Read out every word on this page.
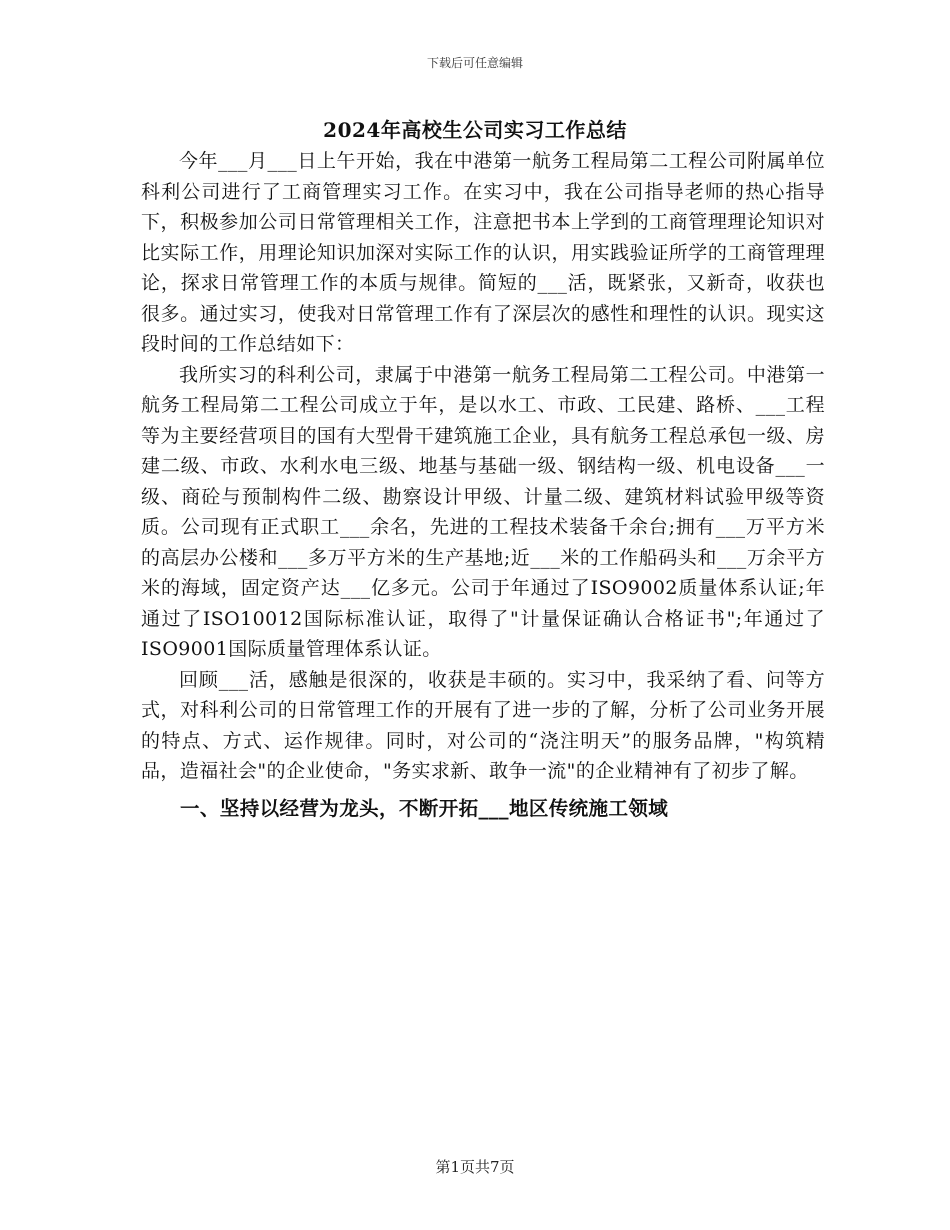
下载后可任意编辑
2024年高校生公司实习工作总结

今年___月___日上午开始，我在中港第一航务工程局第二工程公司附属单位科利公司进行了工商管理实习工作。在实习中，我在公司指导老师的热心指导下，积极参加公司日常管理相关工作，注意把书本上学到的工商管理理论知识对比实际工作，用理论知识加深对实际工作的认识，用实践验证所学的工商管理理论，探求日常管理工作的本质与规律。简短的___活，既紧张，又新奇，收获也很多。通过实习，使我对日常管理工作有了深层次的感性和理性的认识。现实这段时间的工作总结如下：

我所实习的科利公司，隶属于中港第一航务工程局第二工程公司。中港第一航务工程局第二工程公司成立于年，是以水工、市政、工民建、路桥、___工程等为主要经营项目的国有大型骨干建筑施工企业，具有航务工程总承包一级、房建二级、市政、水利水电三级、地基与基础一级、钢结构一级、机电设备___一级、商砼与预制构件二级、勘察设计甲级、计量二级、建筑材料试验甲级等资质。公司现有正式职工___余名，先进的工程技术装备千余台;拥有___万平方米的高层办公楼和___多万平方米的生产基地;近___米的工作船码头和___万余平方米的海域，固定资产达___亿多元。公司于年通过了ISO9002质量体系认证;年通过了ISO10012国际标准认证，取得了"计量保证确认合格证书";年通过了ISO9001国际质量管理体系认证。

回顾___活，感触是很深的，收获是丰硕的。实习中，我采纳了看、问等方式，对科利公司的日常管理工作的开展有了进一步的了解，分析了公司业务开展的特点、方式、运作规律。同时，对公司的“浇注明天”的服务品牌，"构筑精品，造福社会"的企业使命，"务实求新、敢争一流"的企业精神有了初步了解。

一、坚持以经营为龙头，不断开拓___地区传统施工领域

第1页共7页
